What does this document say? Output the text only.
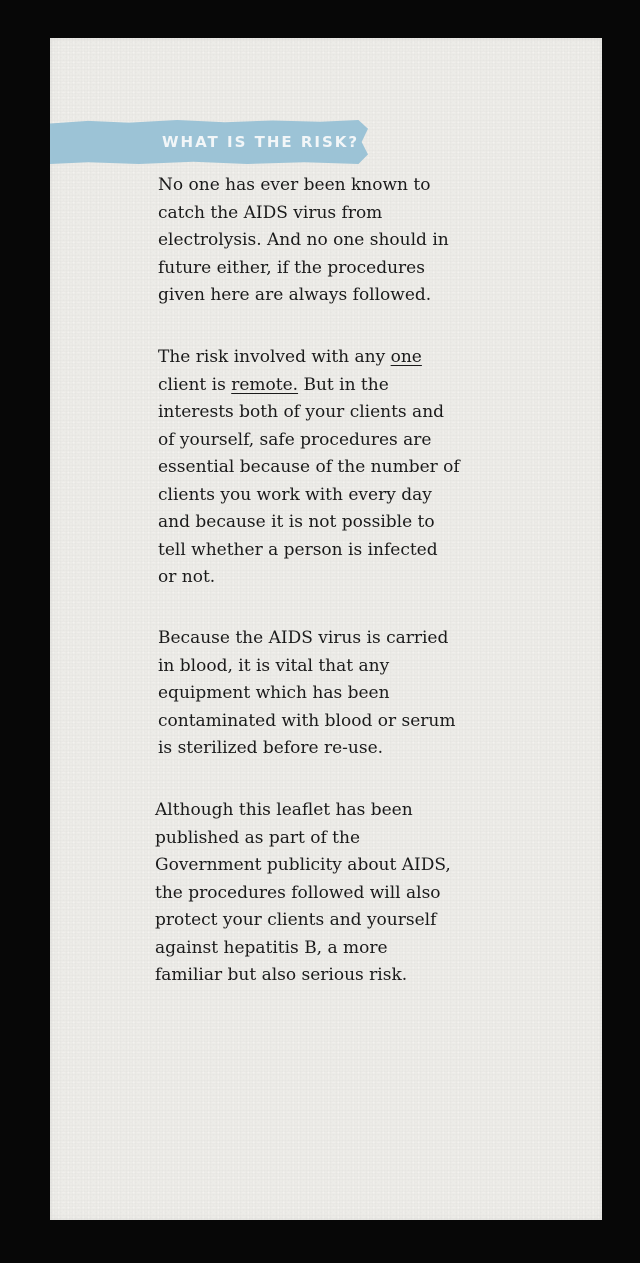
WHAT IS THE RISK?

No one has ever been known to
catch the AIDS virus from
electrolysis. And no one should in
future either, if the procedures
given here are always followed.

The risk involved with any one
client is remote. But in the
interests both of your clients and
of yourself, safe procedures are
essential because of the number of
clients you work with every day
and because it is not possible to
tell whether a person is infected
or not.

Because the AIDS virus is carried
in blood, it is vital that any
equipment which has been
contaminated with blood or serum
is sterilized before re-use.

Although this leaflet has been
published as part of the
Government publicity about AIDS,
the procedures followed will also
protect your clients and yourself
against hepatitis B, a more
familiar but also serious risk.
